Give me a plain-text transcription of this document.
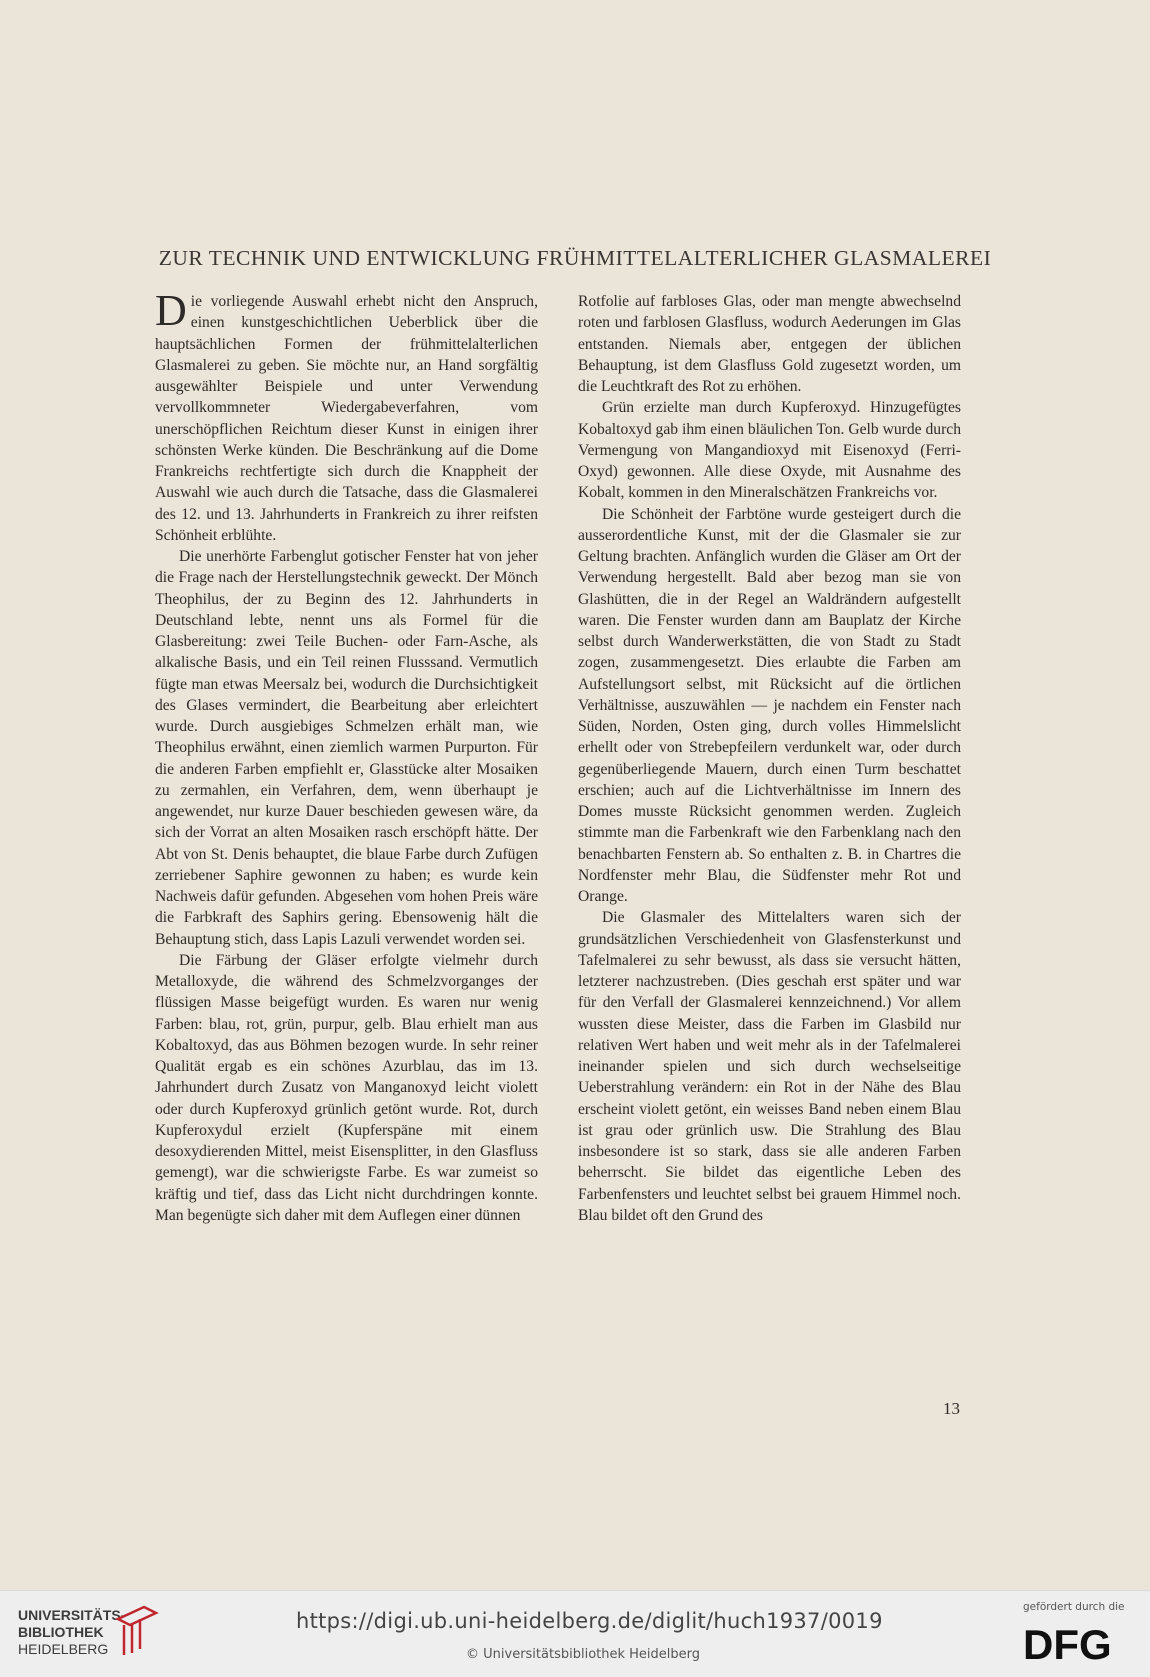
ZUR TECHNIK UND ENTWICKLUNG FRÜHMITTELALTERLICHER GLASMALEREI

Die vorliegende Auswahl erhebt nicht den Anspruch, einen kunstgeschichtlichen Ueberblick über die hauptsächlichen Formen der frühmittelalterlichen Glasmalerei zu geben. Sie möchte nur, an Hand sorgfältig ausgewählter Beispiele und unter Verwendung vervollkommneter Wiedergabeverfahren, vom unerschöpflichen Reichtum dieser Kunst in einigen ihrer schönsten Werke künden. Die Beschränkung auf die Dome Frankreichs rechtfertigte sich durch die Knappheit der Auswahl wie auch durch die Tatsache, dass die Glasmalerei des 12. und 13. Jahrhunderts in Frankreich zu ihrer reifsten Schönheit erblühte.

Die unerhörte Farbenglut gotischer Fenster hat von jeher die Frage nach der Herstellungstechnik geweckt. Der Mönch Theophilus, der zu Beginn des 12. Jahrhunderts in Deutschland lebte, nennt uns als Formel für die Glasbereitung: zwei Teile Buchen- oder Farn-Asche, als alkalische Basis, und ein Teil reinen Flusssand. Vermutlich fügte man etwas Meersalz bei, wodurch die Durchsichtigkeit des Glases vermindert, die Bearbeitung aber erleichtert wurde. Durch ausgiebiges Schmelzen erhält man, wie Theophilus erwähnt, einen ziemlich warmen Purpurton. Für die anderen Farben empfiehlt er, Glasstücke alter Mosaiken zu zermahlen, ein Verfahren, dem, wenn überhaupt je angewendet, nur kurze Dauer beschieden gewesen wäre, da sich der Vorrat an alten Mosaiken rasch erschöpft hätte. Der Abt von St. Denis behauptet, die blaue Farbe durch Zufügen zerriebener Saphire gewonnen zu haben; es wurde kein Nachweis dafür gefunden. Abgesehen vom hohen Preis wäre die Farbkraft des Saphirs gering. Ebensowenig hält die Behauptung stich, dass Lapis Lazuli verwendet worden sei.

Die Färbung der Gläser erfolgte vielmehr durch Metalloxyde, die während des Schmelzvorganges der flüssigen Masse beigefügt wurden. Es waren nur wenig Farben: blau, rot, grün, purpur, gelb. Blau erhielt man aus Kobaltoxyd, das aus Böhmen bezogen wurde. In sehr reiner Qualität ergab es ein schönes Azurblau, das im 13. Jahrhundert durch Zusatz von Manganoxyd leicht violett oder durch Kupferoxyd grünlich getönt wurde. Rot, durch Kupferoxydul erzielt (Kupferspäne mit einem desoxydierenden Mittel, meist Eisensplitter, in den Glasfluss gemengt), war die schwierigste Farbe. Es war zumeist so kräftig und tief, dass das Licht nicht durchdringen konnte. Man begenügte sich daher mit dem Auflegen einer dünnen

Rotfolie auf farbloses Glas, oder man mengte abwechselnd roten und farblosen Glasfluss, wodurch Aederungen im Glas entstanden. Niemals aber, entgegen der üblichen Behauptung, ist dem Glasfluss Gold zugesetzt worden, um die Leuchtkraft des Rot zu erhöhen.

Grün erzielte man durch Kupferoxyd. Hinzugefügtes Kobaltoxyd gab ihm einen bläulichen Ton. Gelb wurde durch Vermengung von Mangandioxyd mit Eisenoxyd (Ferri-Oxyd) gewonnen. Alle diese Oxyde, mit Ausnahme des Kobalt, kommen in den Mineralschätzen Frankreichs vor.

Die Schönheit der Farbtöne wurde gesteigert durch die ausserordentliche Kunst, mit der die Glasmaler sie zur Geltung brachten. Anfänglich wurden die Gläser am Ort der Verwendung hergestellt. Bald aber bezog man sie von Glashütten, die in der Regel an Waldrändern aufgestellt waren. Die Fenster wurden dann am Bauplatz der Kirche selbst durch Wanderwerkstätten, die von Stadt zu Stadt zogen, zusammengesetzt. Dies erlaubte die Farben am Aufstellungsort selbst, mit Rücksicht auf die örtlichen Verhältnisse, auszuwählen — je nachdem ein Fenster nach Süden, Norden, Osten ging, durch volles Himmelslicht erhellt oder von Strebepfeilern verdunkelt war, oder durch gegenüberliegende Mauern, durch einen Turm beschattet erschien; auch auf die Lichtverhältnisse im Innern des Domes musste Rücksicht genommen werden. Zugleich stimmte man die Farbenkraft wie den Farbenklang nach den benachbarten Fenstern ab. So enthalten z. B. in Chartres die Nordfenster mehr Blau, die Südfenster mehr Rot und Orange.

Die Glasmaler des Mittelalters waren sich der grundsätzlichen Verschiedenheit von Glasfensterkunst und Tafelmalerei zu sehr bewusst, als dass sie versucht hätten, letzterer nachzustreben. (Dies geschah erst später und war für den Verfall der Glasmalerei kennzeichnend.) Vor allem wussten diese Meister, dass die Farben im Glasbild nur relativen Wert haben und weit mehr als in der Tafelmalerei ineinander spielen und sich durch wechselseitige Ueberstrahlung verändern: ein Rot in der Nähe des Blau erscheint violett getönt, ein weisses Band neben einem Blau ist grau oder grünlich usw. Die Strahlung des Blau insbesondere ist so stark, dass sie alle anderen Farben beherrscht. Sie bildet das eigentliche Leben des Farbenfensters und leuchtet selbst bei grauem Himmel noch. Blau bildet oft den Grund des

13
UNIVERSITÄTS-
BIBLIOTHEK
HEIDELBERG
https://digi.ub.uni-heidelberg.de/diglit/huch1937/0019
© Universitätsbibliothek Heidelberg
gefördert durch die
DFG
